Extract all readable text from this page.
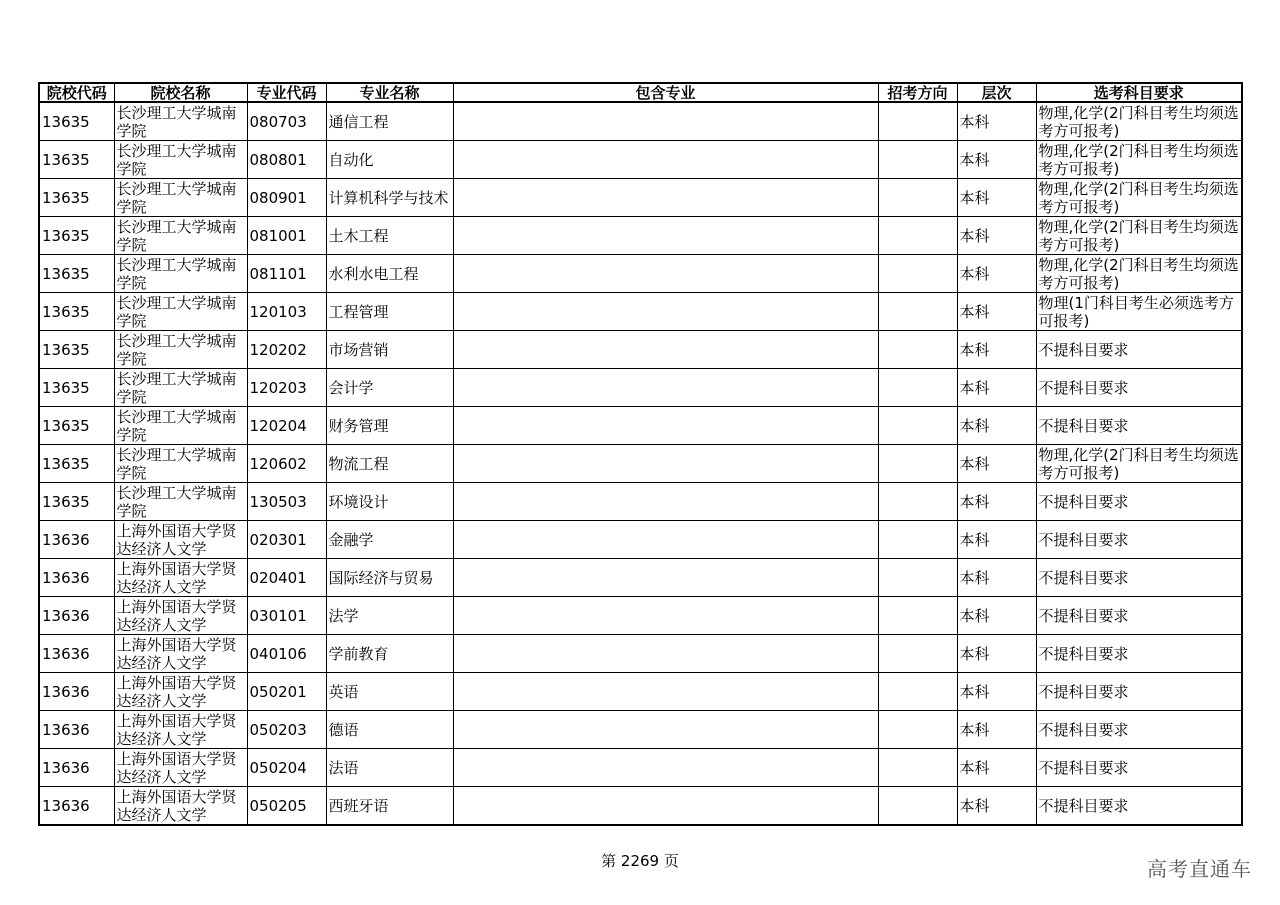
院校代码	院校名称	专业代码	专业名称	包含专业	招考方向	层次	选考科目要求
13635	长沙理工大学城南学院	080703	通信工程			本科	物理,化学(2门科目考生均须选考方可报考)
13635	长沙理工大学城南学院	080801	自动化			本科	物理,化学(2门科目考生均须选考方可报考)
13635	长沙理工大学城南学院	080901	计算机科学与技术			本科	物理,化学(2门科目考生均须选考方可报考)
13635	长沙理工大学城南学院	081001	土木工程			本科	物理,化学(2门科目考生均须选考方可报考)
13635	长沙理工大学城南学院	081101	水利水电工程			本科	物理,化学(2门科目考生均须选考方可报考)
13635	长沙理工大学城南学院	120103	工程管理			本科	物理(1门科目考生必须选考方可报考)
13635	长沙理工大学城南学院	120202	市场营销			本科	不提科目要求
13635	长沙理工大学城南学院	120203	会计学			本科	不提科目要求
13635	长沙理工大学城南学院	120204	财务管理			本科	不提科目要求
13635	长沙理工大学城南学院	120602	物流工程			本科	物理,化学(2门科目考生均须选考方可报考)
13635	长沙理工大学城南学院	130503	环境设计			本科	不提科目要求
13636	上海外国语大学贤达经济人文学	020301	金融学			本科	不提科目要求
13636	上海外国语大学贤达经济人文学	020401	国际经济与贸易			本科	不提科目要求
13636	上海外国语大学贤达经济人文学	030101	法学			本科	不提科目要求
13636	上海外国语大学贤达经济人文学	040106	学前教育			本科	不提科目要求
13636	上海外国语大学贤达经济人文学	050201	英语			本科	不提科目要求
13636	上海外国语大学贤达经济人文学	050203	德语			本科	不提科目要求
13636	上海外国语大学贤达经济人文学	050204	法语			本科	不提科目要求
13636	上海外国语大学贤达经济人文学	050205	西班牙语			本科	不提科目要求
第 2269 页	高考直通车
